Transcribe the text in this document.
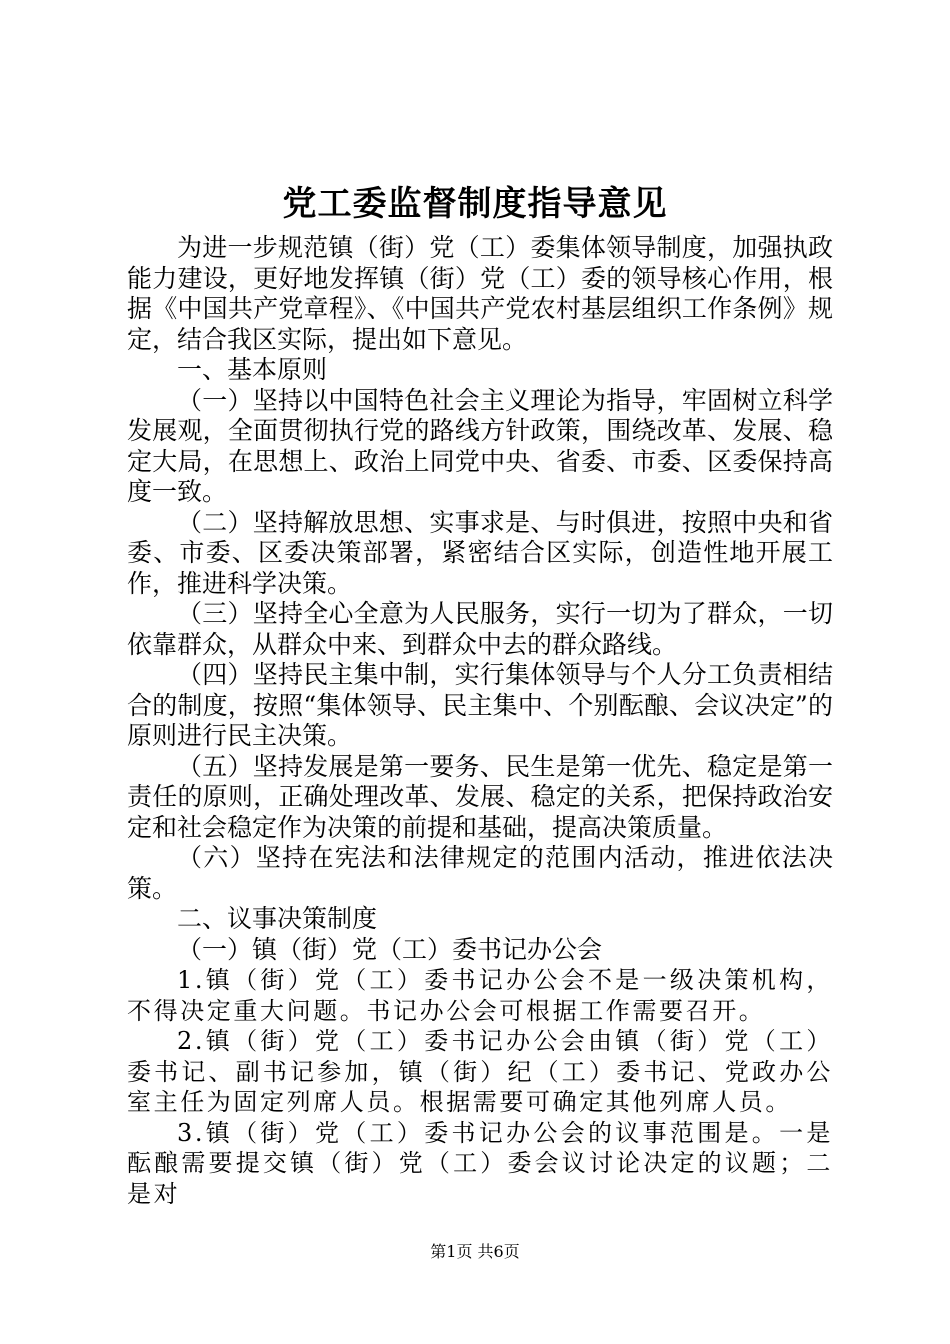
党工委监督制度指导意见

为进一步规范镇（街）党（工）委集体领导制度，加强执政能力建设，更好地发挥镇（街）党（工）委的领导核心作用，根据《中国共产党章程》、《中国共产党农村基层组织工作条例》规定，结合我区实际，提出如下意见。

一、基本原则

（一）坚持以中国特色社会主义理论为指导，牢固树立科学发展观，全面贯彻执行党的路线方针政策，围绕改革、发展、稳定大局，在思想上、政治上同党中央、省委、市委、区委保持高度一致。

（二）坚持解放思想、实事求是、与时俱进，按照中央和省委、市委、区委决策部署，紧密结合区实际，创造性地开展工作，推进科学决策。

（三）坚持全心全意为人民服务，实行一切为了群众，一切依靠群众，从群众中来、到群众中去的群众路线。

（四）坚持民主集中制，实行集体领导与个人分工负责相结合的制度，按照“集体领导、民主集中、个别酝酿、会议决定”的原则进行民主决策。

（五）坚持发展是第一要务、民生是第一优先、稳定是第一责任的原则，正确处理改革、发展、稳定的关系，把保持政治安定和社会稳定作为决策的前提和基础，提高决策质量。

（六）坚持在宪法和法律规定的范围内活动，推进依法决策。

二、议事决策制度

（一）镇（街）党（工）委书记办公会

1.镇（街）党（工）委书记办公会不是一级决策机构，不得决定重大问题。书记办公会可根据工作需要召开。

2.镇（街）党（工）委书记办公会由镇（街）党（工）委书记、副书记参加，镇（街）纪（工）委书记、党政办公室主任为固定列席人员。根据需要可确定其他列席人员。

3.镇（街）党（工）委书记办公会的议事范围是。一是酝酿需要提交镇（街）党（工）委会议讨论决定的议题；二是对

第1页 共6页
